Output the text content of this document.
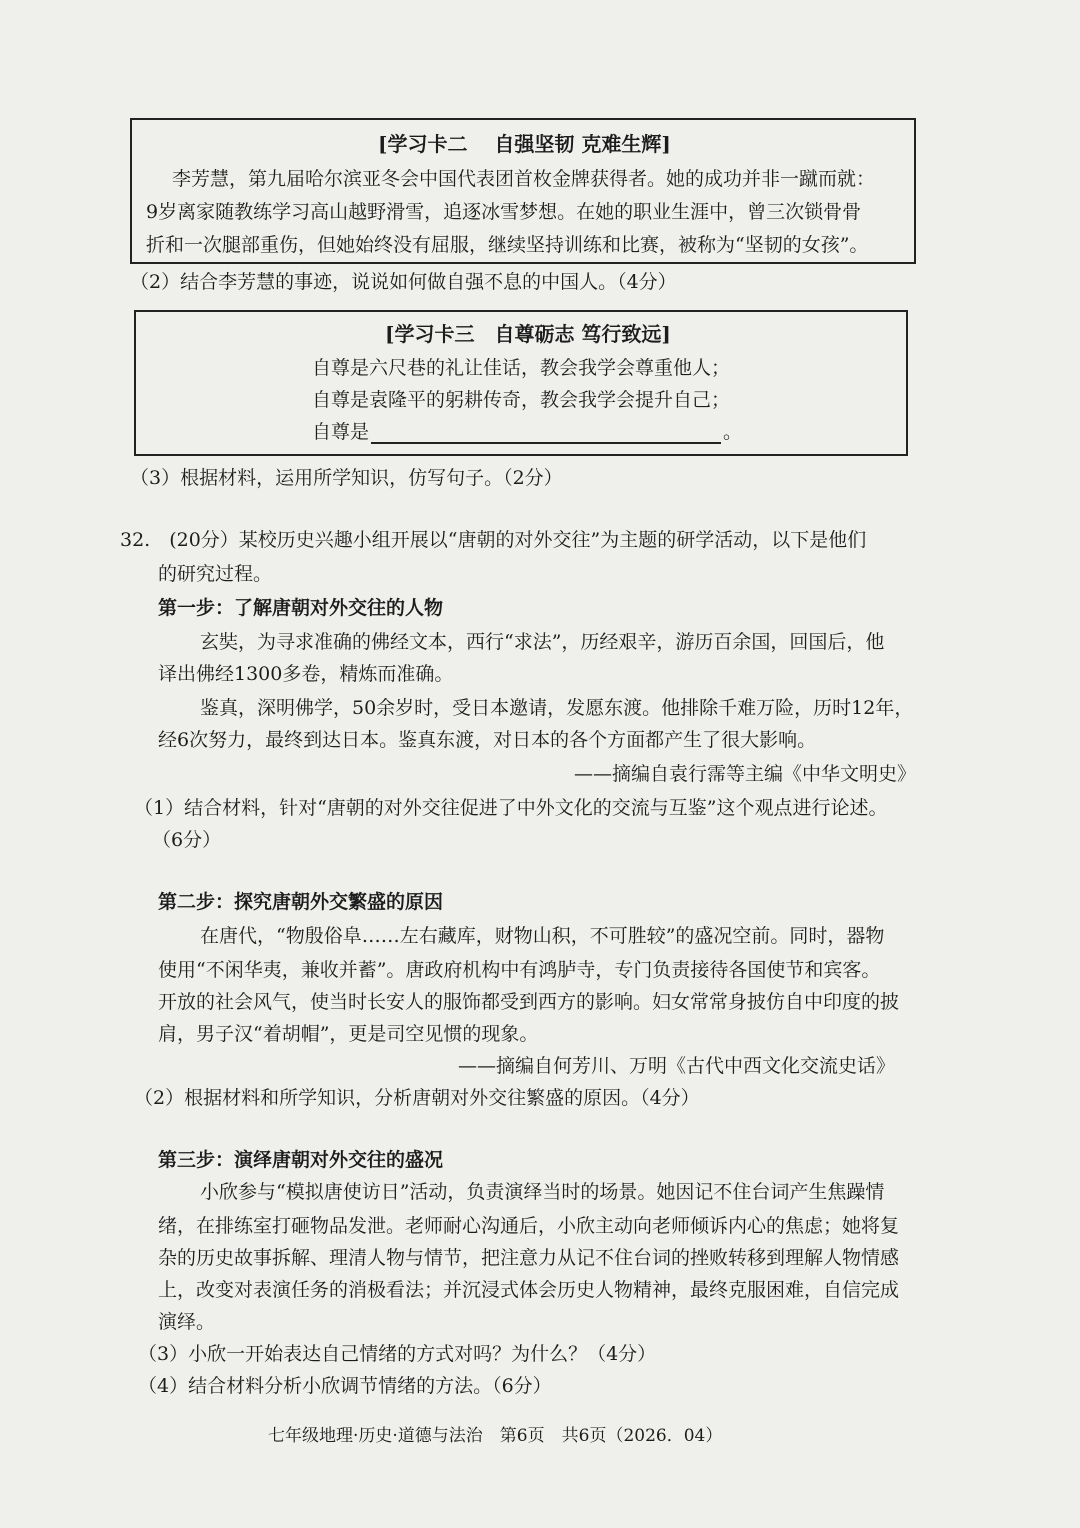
[学习卡二　 自强坚韧 克难生辉]
李芳慧，第九届哈尔滨亚冬会中国代表团首枚金牌获得者。她的成功并非一蹴而就：
9岁离家随教练学习高山越野滑雪，追逐冰雪梦想。在她的职业生涯中，曾三次锁骨骨
折和一次腿部重伤，但她始终没有屈服，继续坚持训练和比赛，被称为“坚韧的女孩”。
（2）结合李芳慧的事迹，说说如何做自强不息的中国人。（4分）
[学习卡三　自尊砺志 笃行致远]
自尊是六尺巷的礼让佳话，教会我学会尊重他人；
自尊是袁隆平的躬耕传奇，教会我学会提升自己；
自尊是	。
（3）根据材料，运用所学知识，仿写句子。（2分）
32.　(20分）某校历史兴趣小组开展以“唐朝的对外交往”为主题的研学活动，以下是他们
的研究过程。
第一步：了解唐朝对外交往的人物
玄奘，为寻求准确的佛经文本，西行“求法”，历经艰辛，游历百余国，回国后，他
译出佛经1300多卷，精炼而准确。
鉴真，深明佛学，50余岁时，受日本邀请，发愿东渡。他排除千难万险，历时12年，
经6次努力，最终到达日本。鉴真东渡，对日本的各个方面都产生了很大影响。
——摘编自袁行霈等主编《中华文明史》
（1）结合材料，针对“唐朝的对外交往促进了中外文化的交流与互鉴”这个观点进行论述。
（6分）
第二步：探究唐朝外交繁盛的原因
在唐代，“物殷俗阜……左右藏库，财物山积，不可胜较”的盛况空前。同时，器物
使用“不闲华夷，兼收并蓄”。唐政府机构中有鸿胪寺，专门负责接待各国使节和宾客。
开放的社会风气，使当时长安人的服饰都受到西方的影响。妇女常常身披仿自中印度的披
肩，男子汉“着胡帽”，更是司空见惯的现象。
——摘编自何芳川、万明《古代中西文化交流史话》
（2）根据材料和所学知识，分析唐朝对外交往繁盛的原因。（4分）
第三步：演绎唐朝对外交往的盛况
小欣参与“模拟唐使访日”活动，负责演绎当时的场景。她因记不住台词产生焦躁情
绪，在排练室打砸物品发泄。老师耐心沟通后，小欣主动向老师倾诉内心的焦虑；她将复
杂的历史故事拆解、理清人物与情节，把注意力从记不住台词的挫败转移到理解人物情感
上，改变对表演任务的消极看法；并沉浸式体会历史人物精神，最终克服困难，自信完成
演绎。
（3）小欣一开始表达自己情绪的方式对吗？为什么？（4分）
（4）结合材料分析小欣调节情绪的方法。（6分）
七年级地理·历史·道德与法治　第6页　共6页（2026．04）
